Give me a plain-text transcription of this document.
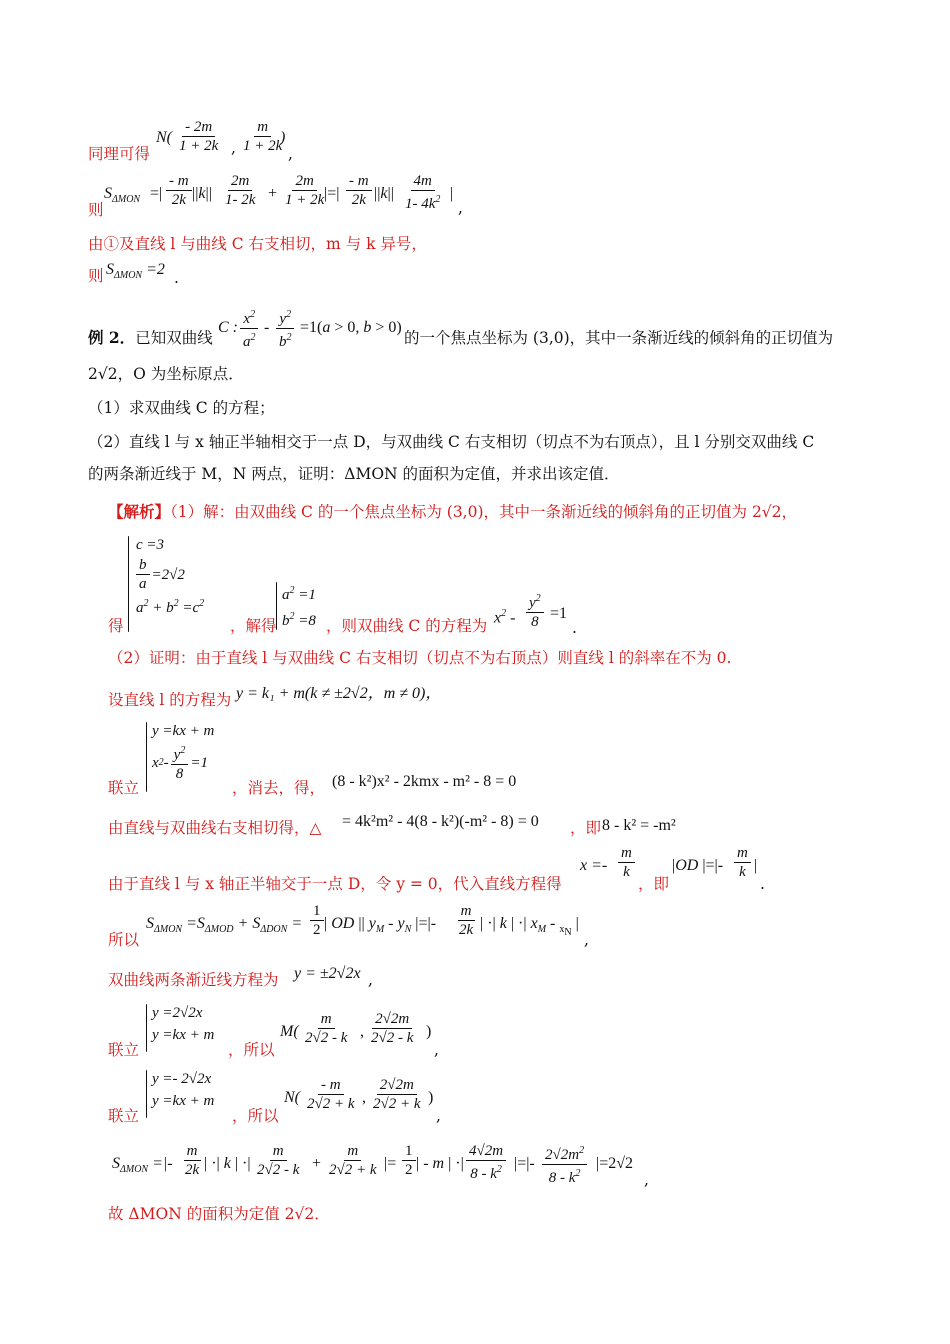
$N( \frac{- 2m}{1 + 2k}$ , $\frac{m}{1 + 2k}$
)
,
同理可得
$S_{\Delta MON}$ =| $\frac{- m}{2k} ||k|| \frac{2m}{1- 2k} + \frac{2m}{1 + 2k}$
|=| $\frac{- m}{2k} ||k|| \frac{4m}{1- 4k^2}$ |
,
则
由①及直线 l 与曲线 C 右支相切，m 与 k 异号，
则 $S_{\Delta MON} =2$ .
例 2．已知双曲线
C : $\frac{x^2}{a^2} - \frac{y^2}{b^2} =1(a > 0$, b > 0)
的一个焦点坐标为 (3,0)，其中一条渐近线的倾斜角的正切值为
2√2，O 为坐标原点．
（1）求双曲线 C 的方程；
（2）直线 l 与 x 轴正半轴相交于一点 D，与双曲线 C 右支相切（切点不为右顶点），且 l 分别交双曲线 C
的两条渐近线于 M，N 两点，证明：ΔMON 的面积为定值，并求出该定值．
【解析】（1）解：由双曲线 C 的一个焦点坐标为 (3,0)，其中一条渐近线的倾斜角的正切值为 2√2，
c =3
$\frac{b}{a} =2√2$
$a^2 + b^2 =c^2$
得	，解得
$a^2 =1$
$b^2 =8$ ，则双曲线 C 的方程为 $x^2 - \frac{y^2}{8} =1$
.
（2）证明：由于直线 l 与双曲线 C 右支相切（切点不为右顶点）则直线 l 的斜率在不为 0.
设直线 l 的方程为 y = k₁ + m(k ≠ ±2√2，m ≠ 0)，
y =kx + m
x $2 - \frac{y^2}{8} =1$
联立	，消去，得， (8 - k²)x² - 2kmx - m² - 8 = 0
由直线与双曲线右支相切得，△ = 4k²m² - 4(8 - k²)(-m² - 8) = 0 ，即 8 - k² = -m²
由于直线 l 与 x 轴正半轴交于一点 D，令 y = 0，代入直线方程得
$x =- \frac{m}{k}$
，即
|OD |=|- $\frac{m}{k}$ |
.
所以
$S_{\Delta MON} =S_{\Delta MOD} + S_{\Delta DON} = \frac{1}{2}$ | OD || $y_M - y_N$ |=|- $\frac{m}{2k}$ | ·| k | ·| $x_M - _{x_N}$ |
,
双曲线两条渐近线方程为 y = ±2√2x ,
y =2√2x
y =kx + m
联立	，所以
$M( \frac{m}{2√2 - k}$ , $\frac{2√2m}{2√2 - k}$ )
,
y =- 2√2x
y =kx + m
联立	，所以
$N( \frac{- m}{2√2 + k}$ , $\frac{2√2m}{2√2 + k}$ )
,
$S_{\Delta MON}$ =|- $\frac{m}{2k}$ | ·| k | ·| $\frac{m}{2√2 - k} + \frac{m}{2√2 + k}$ |= $\frac{1}{2}$ | - m | ·| $\frac{4√2m}{8 - k^2}$ |=|- $\frac{2√2m^2}{8 - k^2} |=2√2$
,
故 ΔMON 的面积为定值 2√2．
